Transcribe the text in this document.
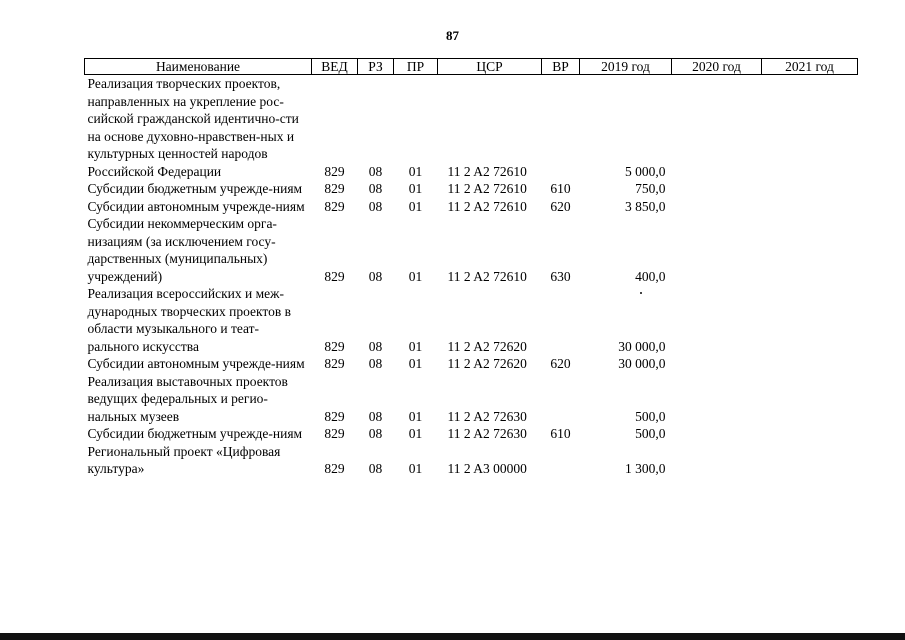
87
Наименование	ВЕД	РЗ	ПР	ЦСР	ВР	2019 год	2020 год	2021 год
Реализация творческих проектов, направленных на укрепление рос-сийской гражданской идентично-сти на основе духовно-нравствен-ных и культурных ценностей народов Российской Федерации	829	08	01	11 2 A2 72610		5 000,0		
Субсидии бюджетным учрежде-ниям	829	08	01	11 2 A2 72610	610	750,0		
Субсидии автономным учрежде-ниям	829	08	01	11 2 A2 72610	620	3 850,0		
Субсидии некоммерческим орга-низациям (за исключением госу-дарственных (муниципальных) учреждений)	829	08	01	11 2 A2 72610	630	400,0		
Реализация всероссийских и меж-дународных творческих проектов в области музыкального и теат-рального искусства	829	08	01	11 2 A2 72620		30 000,0		
Субсидии автономным учрежде-ниям	829	08	01	11 2 A2 72620	620	30 000,0		
Реализация выставочных проектов ведущих федеральных и регио-нальных музеев	829	08	01	11 2 A2 72630		500,0		
Субсидии бюджетным учрежде-ниям	829	08	01	11 2 A2 72630	610	500,0		
Региональный проект «Цифровая культура»	829	08	01	11 2 A3 00000		1 300,0		
